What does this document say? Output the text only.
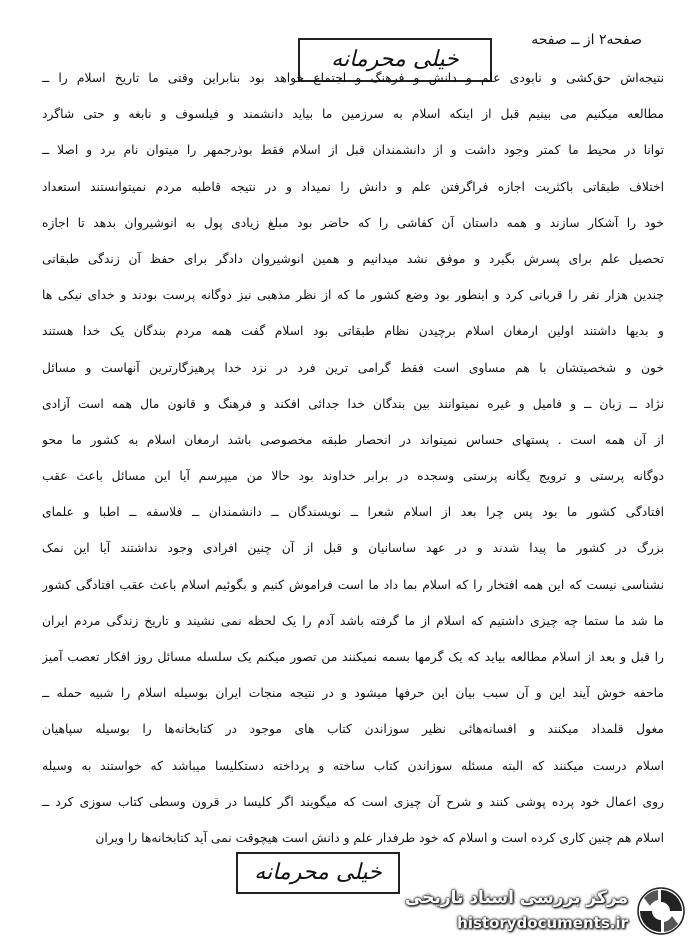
صفحه۲ از ــ صفحه
خیلی محرمانه
نتیجه‌اش حق‌کشی و نابودی علم و دانش و فرهنگ و اجتماع خواهد بود بنابراین وقتی ما تاریخ اسلام را ــ
مطالعه میکنیم می بینیم قبل از اینکه اسلام به سرزمین ما بیاید دانشمند و فیلسوف و نابغه و حتی شاگرد
توانا در محیط ما کمتر وجود داشت و از دانشمندان قبل از اسلام فقط بوذرجمهر را میتوان نام برد و اصلا ــ
اختلاف طبقاتی باکثریت اجازه فراگرفتن علم و دانش را نمیداد و در نتیجه قاطبه مردم نمیتوانستند استعداد
خود را آشکار سازند و همه داستان آن کفاشی را که حاضر بود مبلغ زیادی پول به انوشیروان بدهد تا اجازه
تحصیل علم برای پسرش بگیرد و موفق نشد میدانیم و همین انوشیروان دادگر برای حفظ آن زندگی طبقاتی
چندین هزار نفر را قربانی کرد و اینطور بود وضع کشور ما که از نظر مذهبی نیز دوگانه پرست بودند و خدای نیکی ها
و بدیها داشتند اولین ارمغان اسلام برچیدن نظام طبقاتی بود اسلام گفت همه مردم بندگان یک خدا هستند
خون و شخصیتشان با هم مساوی است فقط گرامی ترین فرد در نزد خدا پرهیزگارترین آنهاست و مسائل
نژاد ــ زبان ــ و فامیل و غیره نمیتوانند بین بندگان خدا جدائی افکند و فرهنگ و قانون مال همه است آزادی
از آن همه است . پستهای حساس نمیتواند در انحصار طبقه مخصوصی باشد ارمغان اسلام به کشور ما محو
دوگانه پرستی و ترویج یگانه پرستی وسجده در برابر خداوند بود حالا من میپرسم آیا این مسائل باعث عقب
افتادگی کشور ما بود پس چرا بعد از اسلام شعرا ــ نویسندگان ــ دانشمندان ــ فلاسفه ــ اطبا و علمای
بزرگ در کشور ما پیدا شدند و در عهد ساسانیان و قبل از آن چنین افرادی وجود نداشتند آیا این نمک
نشناسی نیست که این همه افتخار را که اسلام بما داد ما است فراموش کنیم و بگوئیم اسلام باعث عقب افتادگی کشور
ما شد ما ستما چه چیزی داشتیم که اسلام از ما گرفته باشد آدم را یک لحظه نمی نشیند و تاریخ زندگی مردم ایران
را قبل و بعد از اسلام مطالعه بیاید که یک گرمها بسمه نمیکنند من تصور میکنم یک سلسله مسائل روز افکار تعصب آمیز
ماحفه خوش آیند این و آن سبب بیان این حرفها میشود و در نتیجه منجات ایران بوسیله اسلام را شبیه حمله ــ
مغول قلمداد میکنند و افسانه‌هائی نظیر سوزاندن کتاب های موجود در کتابخانه‌ها را بوسیله سپاهیان
اسلام درست میکنند که البته مسئله سوزاندن کتاب ساخته و پرداخته دستکلیسا میباشد که خواستند به وسیله
روی اعمال خود پرده پوشی کنند و شرح آن چیزی است که میگویند اگر کلیسا در قرون وسطی کتاب سوزی کرد ــ
اسلام هم چنین کاری کرده است و اسلام که خود طرفدار علم و دانش است هیچوقت نمی آید کتابخانه‌ها را ویران
خیلی محرمانه
مرکز بررسی اسناد تاریخی
historydocuments.ir
